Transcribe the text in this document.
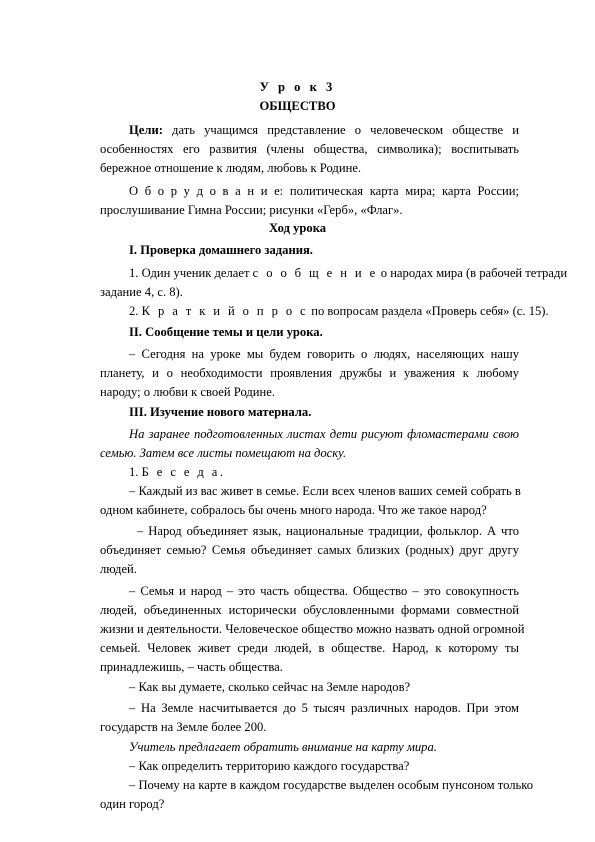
У р о к 3
ОБЩЕСТВО
Цели: дать учащимся представление о человеческом обществе и
особенностях его развития (члены общества, символика); воспитывать
бережное отношение к людям, любовь к Родине.
О б о р у д о в а н и е: политическая карта мира; карта России;
прослушивание Гимна России; рисунки «Герб», «Флаг».
Ход урока
I. Проверка домашнего задания.
1. Один ученик делает с о о б щ е н и е о народах мира (в рабочей тетради
задание 4, с. 8).
2. К р а т к и й о п р о с по вопросам раздела «Проверь себя» (с. 15).
II. Сообщение темы и цели урока.
– Сегодня на уроке мы будем говорить о людях, населяющих нашу
планету, и о необходимости проявления дружбы и уважения к любому
народу; о любви к своей Родине.
III. Изучение нового материала.
На заранее подготовленных листах дети рисуют фломастерами свою
семью. Затем все листы помещают на доску.
1. Б е с е д а.
– Каждый из вас живет в семье. Если всех членов ваших семей собрать в
одном кабинете, собралось бы очень много народа. Что же такое народ?
– Народ объединяет язык, национальные традиции, фольклор. А что
объединяет семью? Семья объединяет самых близких (родных) друг другу
людей.
– Семья и народ – это часть общества. Общество – это совокупность
людей, объединенных исторически обусловленными формами совместной
жизни и деятельности. Человеческое общество можно назвать одной огромной
семьей. Человек живет среди людей, в обществе. Народ, к которому ты
принадлежишь, – часть общества.
– Как вы думаете, сколько сейчас на Земле народов?
– На Земле насчитывается до 5 тысяч различных народов. При этом
государств на Земле более 200.
Учитель предлагает обратить внимание на карту мира.
– Как определить территорию каждого государства?
– Почему на карте в каждом государстве выделен особым пунсоном только
один город?
